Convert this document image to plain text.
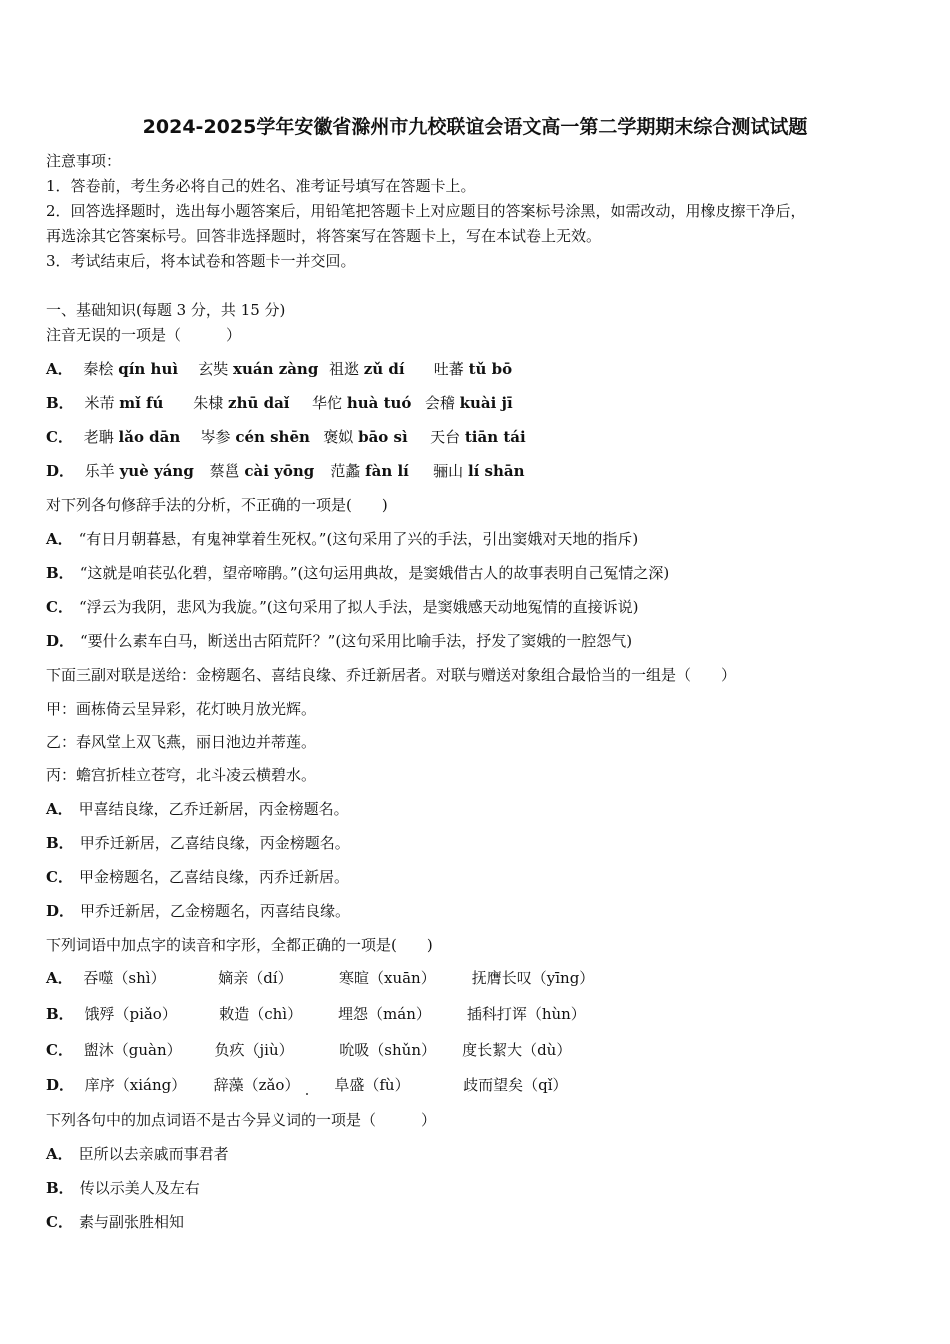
2024-2025学年安徽省滁州市九校联谊会语文高一第二学期期末综合测试试题
注意事项：
1．答卷前，考生务必将自己的姓名、准考证号填写在答题卡上。
2．回答选择题时，选出每小题答案后，用铅笔把答题卡上对应题目的答案标号涂黑，如需改动，用橡皮擦干净后，
再选涂其它答案标号。回答非选择题时，将答案写在答题卡上，写在本试卷上无效。
3．考试结束后，将本试卷和答题卡一并交回。
一、基础知识(每题 3 分，共 15 分)
注音无误的一项是（　　　）
A． 秦桧 qín huì 玄奘 xuán zàng 祖逖 zǔ dí 吐蕃 tǔ bō
B． 米芾 mǐ fú 朱棣 zhū daǐ 华佗 huà tuó 会稽 kuài jī
C． 老聃 lǎo dān 岑参 cén shēn 褒姒 bāo sì 天台 tiān tái
D． 乐羊 yuè yáng 蔡邕 cài yōng 范蠡 fàn lí 骊山 lí shān
对下列各句修辞手法的分析，不正确的一项是(　　)
A． “有日月朝暮悬，有鬼神掌着生死权。”(这句采用了兴的手法，引出窦娥对天地的指斥)
B． “这就是咱苌弘化碧，望帝啼鹃。”(这句运用典故，是窦娥借古人的故事表明自己冤情之深)
C． “浮云为我阴，悲风为我旋。”(这句采用了拟人手法，是窦娥感天动地冤情的直接诉说)
D． “要什么素车白马，断送出古陌荒阡？”(这句采用比喻手法，抒发了窦娥的一腔怨气)
下面三副对联是送给：金榜题名、喜结良缘、乔迁新居者。对联与赠送对象组合最恰当的一组是（　　）
甲：画栋倚云呈异彩，花灯映月放光辉。
乙：春风堂上双飞燕，丽日池边并蒂莲。
丙：蟾宫折桂立苍穹，北斗凌云横碧水。
A． 甲喜结良缘，乙乔迁新居，丙金榜题名。
B． 甲乔迁新居，乙喜结良缘，丙金榜题名。
C． 甲金榜题名，乙喜结良缘，丙乔迁新居。
D． 甲乔迁新居，乙金榜题名，丙喜结良缘。
下列词语中加点字的读音和字形，全都正确的一项是(　　)
A． 吞噬（shì）	嫡亲（dí）	寒暄（xuān） 抚膺长叹（yīng）
B． 饿殍（piǎo）	敕造（chì） 埋怨（mán） 插科打诨（hùn）
C． 盥沐（guàn） 负疚（jiù）	吮吸（shǔn） 度长絜大（dù）
D． 庠序（xiáng） 辞藻（zǎo） 阜盛（fù）	歧而望矣（qǐ）
下列各句中的加点词语不是古今异义词的一项是（　　　）
A． 臣所以去亲戚而事君者
B． 传以示美人及左右
C． 素与副张胜相知
